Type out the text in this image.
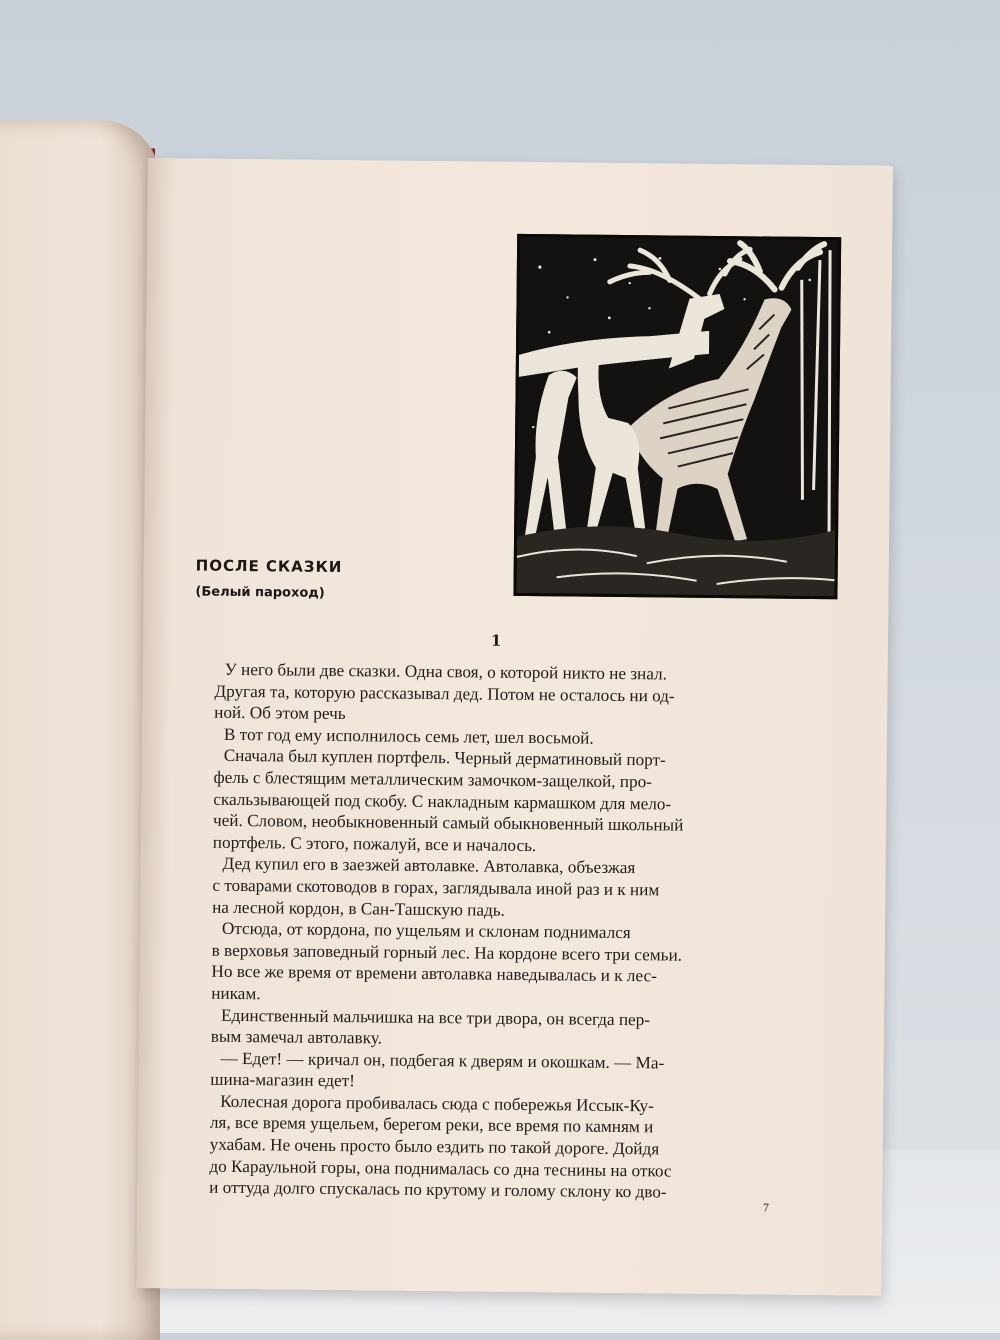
ПОСЛЕ СКАЗКИ

(Белый пароход)

1

У него были две сказки. Одна своя, о которой никто не знал.

Другая та, которую рассказывал дед. Потом не осталось ни од-

ной. Об этом речь

В тот год ему исполнилось семь лет, шел восьмой.

Сначала был куплен портфель. Черный дерматиновый порт-

фель с блестящим металлическим замочком-защелкой, про-

скальзывающей под скобу. С накладным кармашком для мело-

чей. Словом, необыкновенный самый обыкновенный школьный

портфель. С этого, пожалуй, все и началось.

Дед купил его в заезжей автолавке. Автолавка, объезжая

с товарами скотоводов в горах, заглядывала иной раз и к ним

на лесной кордон, в Сан-Ташскую падь.

Отсюда, от кордона, по ущельям и склонам поднимался

в верховья заповедный горный лес. На кордоне всего три семьи.

Но все же время от времени автолавка наведывалась и к лес-

никам.

Единственный мальчишка на все три двора, он всегда пер-

вым замечал автолавку.

— Едет! — кричал он, подбегая к дверям и окошкам. — Ма-

шина-магазин едет!

Колесная дорога пробивалась сюда с побережья Иссык-Ку-

ля, все время ущельем, берегом реки, все время по камням и

ухабам. Не очень просто было ездить по такой дороге. Дойдя

до Караульной горы, она поднималась со дна теснины на откос

и оттуда долго спускалась по крутому и голому склону ко дво-

7
